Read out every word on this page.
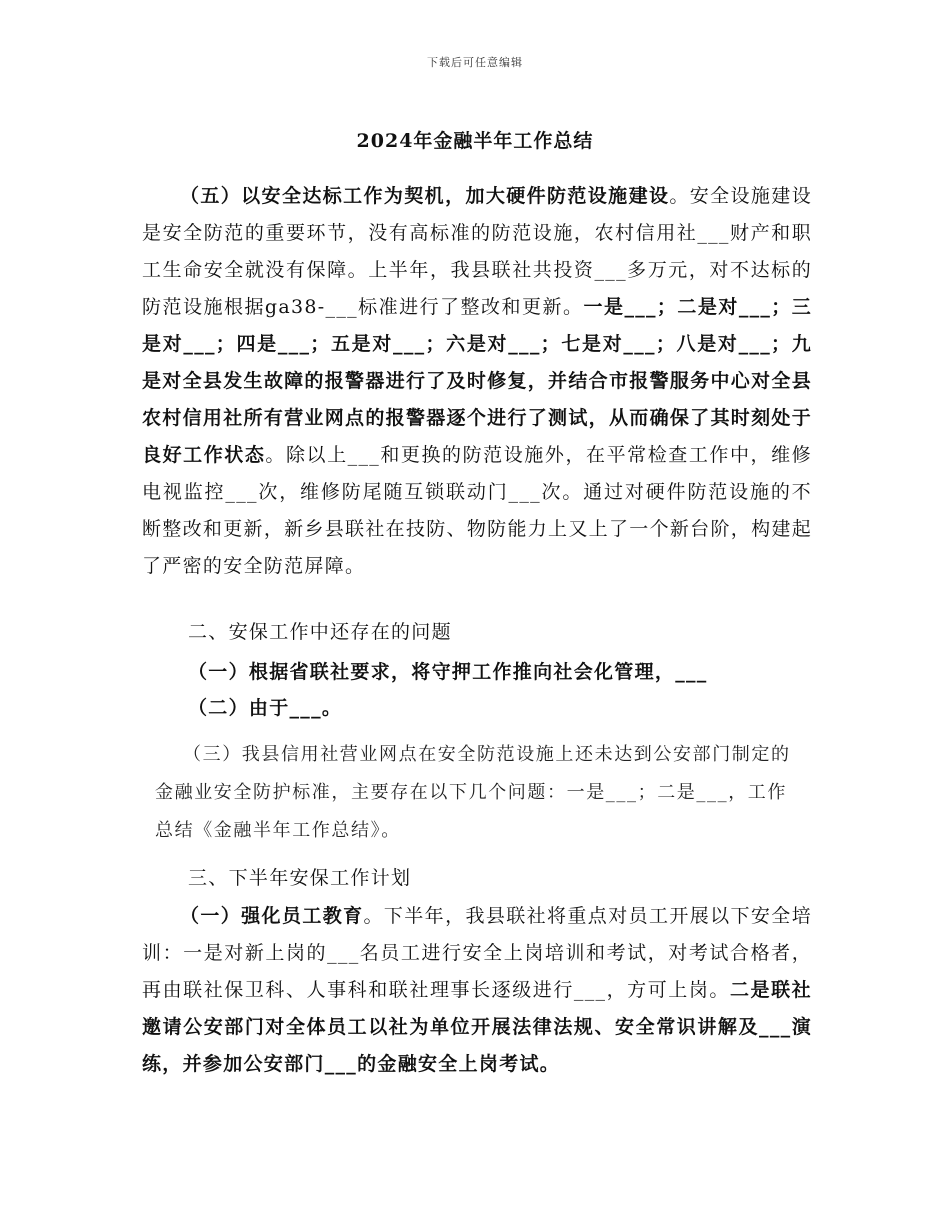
下载后可任意编辑
2024年金融半年工作总结

（五）以安全达标工作为契机，加大硬件防范设施建设。安全设施建设是安全防范的重要环节，没有高标准的防范设施，农村信用社___财产和职工生命安全就没有保障。上半年，我县联社共投资___多万元，对不达标的防范设施根据ga38-___标准进行了整改和更新。一是___；二是对___；三是对___；四是___；五是对___；六是对___；七是对___；八是对___；九是对全县发生故障的报警器进行了及时修复，并结合市报警服务中心对全县农村信用社所有营业网点的报警器逐个进行了测试，从而确保了其时刻处于良好工作状态。除以上___和更换的防范设施外，在平常检查工作中，维修电视监控___次，维修防尾随互锁联动门___次。通过对硬件防范设施的不断整改和更新，新乡县联社在技防、物防能力上又上了一个新台阶，构建起了严密的安全防范屏障。

二、安保工作中还存在的问题

（一）根据省联社要求，将守押工作推向社会化管理，___

（二）由于___。

（三）我县信用社营业网点在安全防范设施上还未达到公安部门制定的金融业安全防护标准，主要存在以下几个问题：一是___；二是___，工作总结《金融半年工作总结》。

三、下半年安保工作计划

（一）强化员工教育。下半年，我县联社将重点对员工开展以下安全培训：一是对新上岗的___名员工进行安全上岗培训和考试，对考试合格者，再由联社保卫科、人事科和联社理事长逐级进行___，方可上岗。二是联社邀请公安部门对全体员工以社为单位开展法律法规、安全常识讲解及___演练，并参加公安部门___的金融安全上岗考试。
